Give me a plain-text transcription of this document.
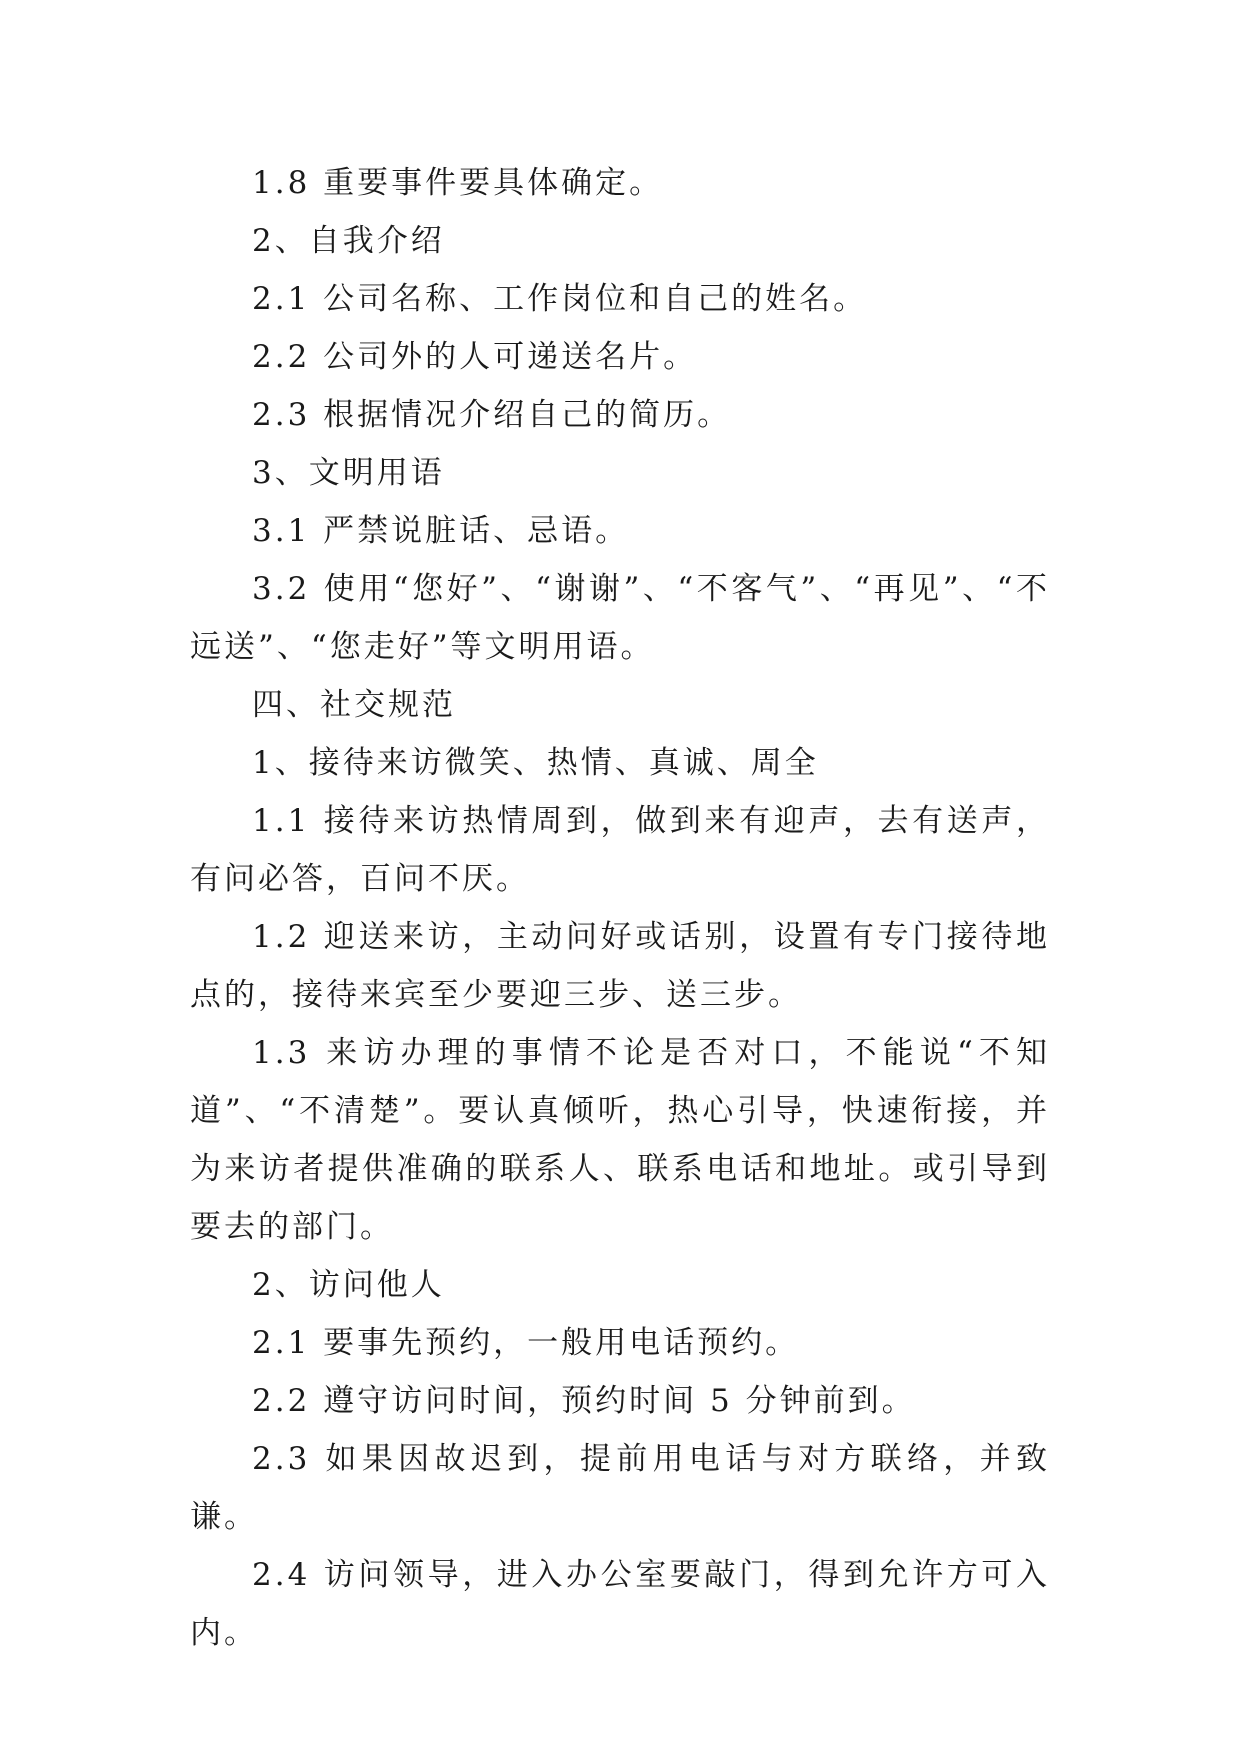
1.8 重要事件要具体确定。

2、自我介绍

2.1 公司名称、工作岗位和自己的姓名。

2.2 公司外的人可递送名片。

2.3 根据情况介绍自己的简历。

3、文明用语

3.1 严禁说脏话、忌语。

3.2 使用“您好”、“谢谢”、“不客气”、“再见”、“不远送”、“您走好”等文明用语。

四、社交规范

1、接待来访微笑、热情、真诚、周全

1.1 接待来访热情周到，做到来有迎声，去有送声，有问必答，百问不厌。

1.2 迎送来访，主动问好或话别，设置有专门接待地点的，接待来宾至少要迎三步、送三步。

1.3 来访办理的事情不论是否对口，不能说“不知道”、“不清楚”。要认真倾听，热心引导，快速衔接，并为来访者提供准确的联系人、联系电话和地址。或引导到要去的部门。

2、访问他人

2.1 要事先预约，一般用电话预约。

2.2 遵守访问时间，预约时间 5 分钟前到。

2.3 如果因故迟到，提前用电话与对方联络，并致谦。

2.4 访问领导，进入办公室要敲门，得到允许方可入内。
